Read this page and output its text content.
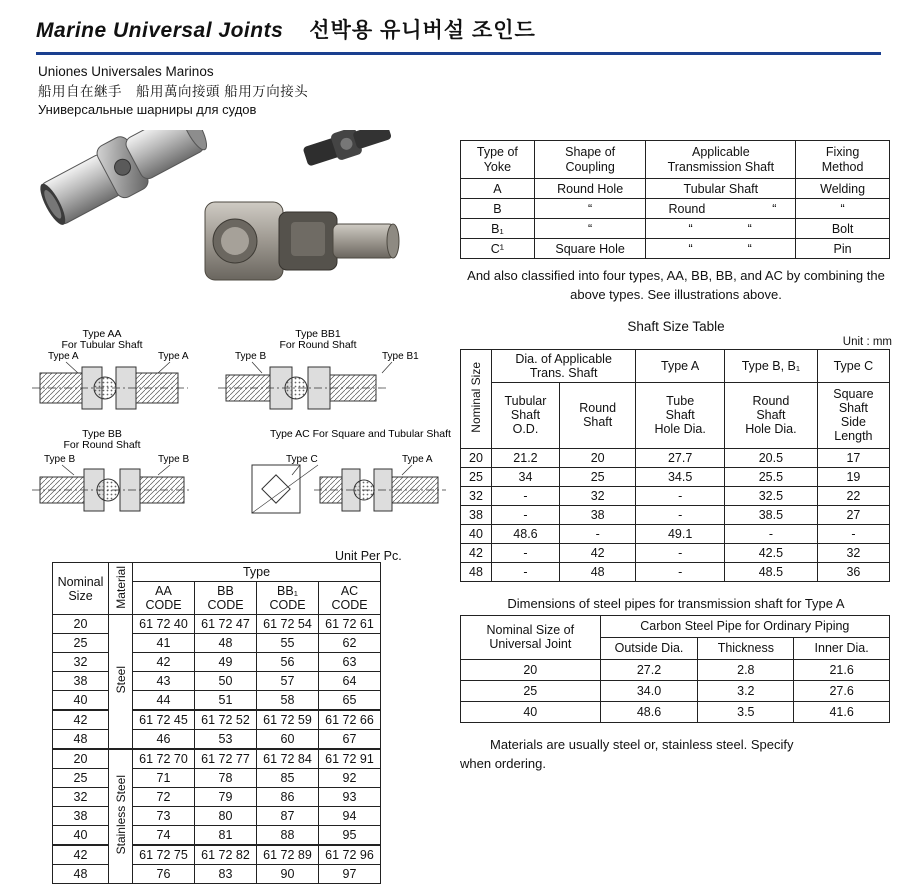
Marine Universal Joints 선박용 유니버설 조인드
Uniones Universales Marinos
船用自在継手　船用萬向接頭 船用万向接头
Универсальные шарниры для судов
Type AA
For Tubular Shaft
Type A	Type A
Type BB1
For Round Shaft
Type B	Type B1
Type BB
For Round Shaft
Type B	Type B
Type AC For Square and Tubular Shaft
Type C	Type A
Unit Per Pc.
Nominal
Size	Material	Type			

AA
CODE

BB
CODE

BB₁
CODE

AC
CODE

20	Steel	61 72 40	61 72 47	61 72 54	61 72 61
25		41	48	55	62
32		42	49	56	63
38		43	50	57	64
40		44	51	58	65
42		61 72 45	61 72 52	61 72 59	61 72 66
48		46	53	60	67
20	Stainless Steel	61 72 70	61 72 77	61 72 84	61 72 91
25		71	78	85	92
32		72	79	86	93
38		73	80	87	94
40		74	81	88	95
42		61 72 75	61 72 82	61 72 89	61 72 96
48		76	83	90	97
Type of
Yoke

Shape of
Coupling

Applicable
Transmission Shaft

Fixing
Method

A	Round Hole	Tubular Shaft	Welding
B	“	Round “	“
B₁	“	“ “	Bolt
C¹	Square Hole	“ “	Pin
And also classified into four types, AA, BB, BB, and AC by combining the above types. See illustrations above.
Shaft Size Table
Unit : mm
Nominal Size	Dia. of Applicable
Trans. Shaft		Type A	Type B, B₁	Type C

Tubular
Shaft
O.D.

Round
Shaft

Tube
Shaft
Hole Dia.

Round
Shaft
Hole Dia.

Square
Shaft
Side
Length

20	21.2	20	27.7	20.5	17
25	34	25	34.5	25.5	19
32	-	32	-	32.5	22
38	-	38	-	38.5	27
40	48.6	-	49.1	-	-
42	-	42	-	42.5	32
48	-	48	-	48.5	36
Dimensions of steel pipes for transmission shaft for Type A
Nominal Size of
Universal Joint	Carbon Steel Pipe for Ordinary Piping		
	Outside Dia.	Thickness	Inner Dia.
20	27.2	2.8	21.6
25	34.0	3.2	27.6
40	48.6	3.5	41.6
Materials are usually steel or, stainless steel. Specify
when ordering.
